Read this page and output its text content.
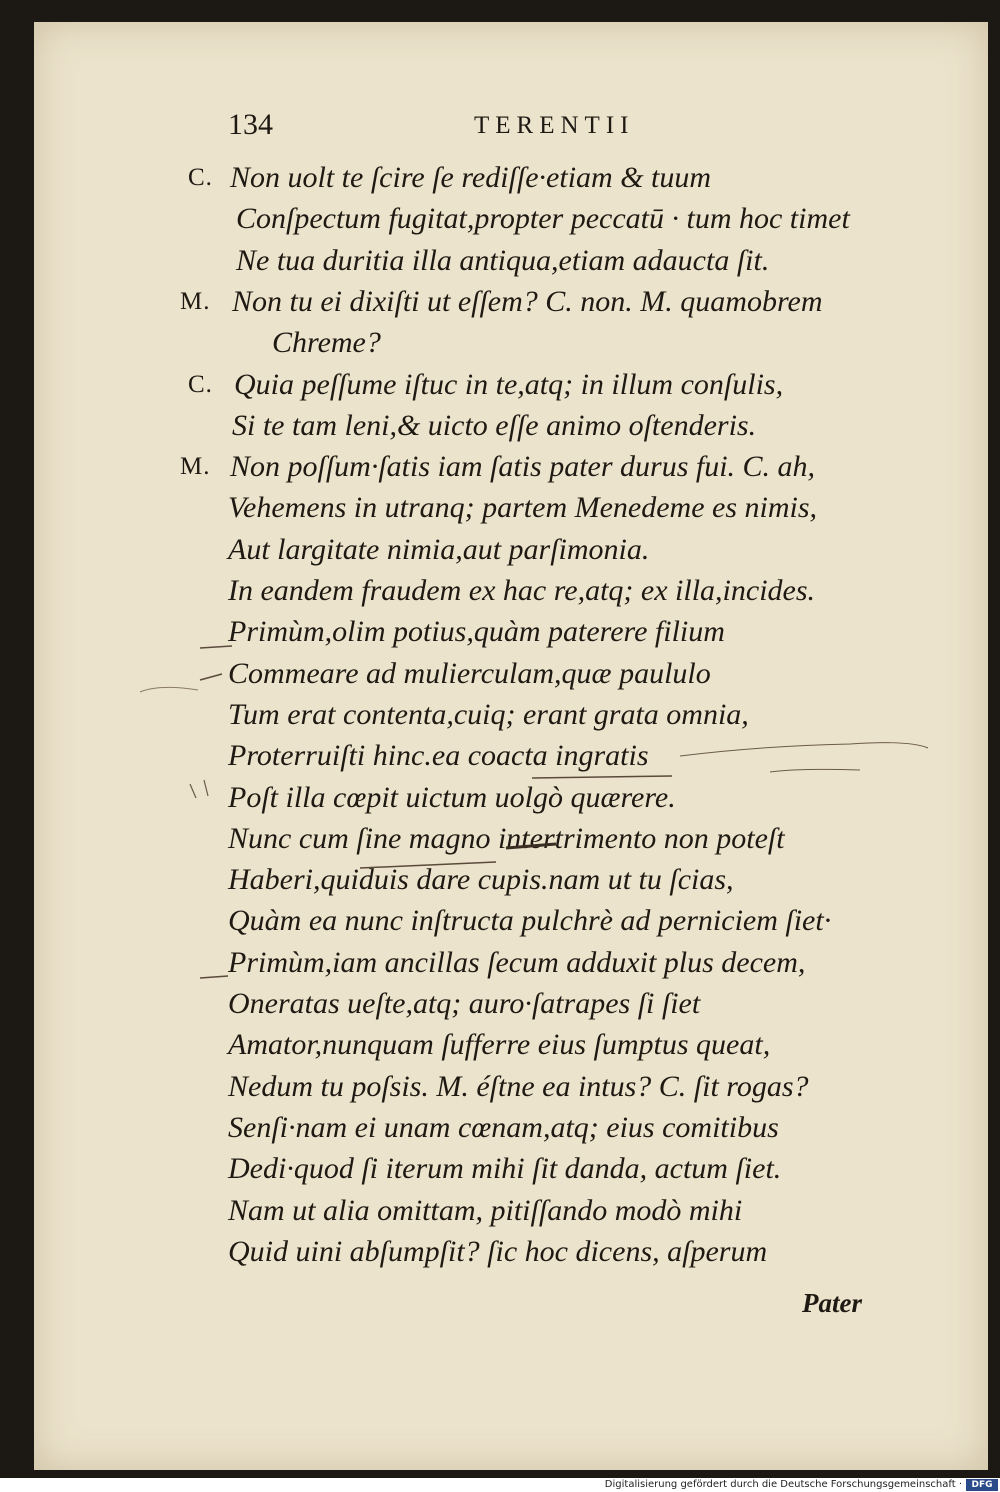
134	TERENTII
C. Non uolt te ſcire ſe rediſſe·etiam & tuum
Conſpectum fugitat,propter peccatū · tum hoc timet
Ne tua duritia illa antiqua,etiam adaucta ſit.
M. Non tu ei dixiſti ut eſſem? C. non. M. quamobrem
Chreme?
C. Quia peſſume iſtuc in te,atq; in illum conſulis,
Si te tam leni,& uicto eſſe animo oſtenderis.
M. Non poſſum·ſatis iam ſatis pater durus fui. C. ah,
Vehemens in utranq; partem Menedeme es nimis,
Aut largitate nimia,aut parſimonia.
In eandem fraudem ex hac re,atq; ex illa,incides.
Primùm,olim potius,quàm paterere filium
Commeare ad mulierculam,quæ paululo
Tum erat contenta,cuiq; erant grata omnia,
Proterruiſti hinc.ea coacta ingratis
Poſt illa cœpit uictum uolgò quærere.
Nunc cum ſine magno intertrimento non poteſt
Haberi,quiduis dare cupis.nam ut tu ſcias,
Quàm ea nunc inſtructa pulchrè ad perniciem ſiet·
Primùm,iam ancillas ſecum adduxit plus decem,
Oneratas ueſte,atq; auro·ſatrapes ſi ſiet
Amator,nunquam ſufferre eius ſumptus queat,
Nedum tu poſsis. M. éſtne ea intus? C. ſit rogas?
Senſi·nam ei unam cœnam,atq; eius comitibus
Dedi·quod ſi iterum mihi ſit danda, actum ſiet.
Nam ut alia omittam, pitiſſando modò mihi
Quid uini abſumpſit? ſic hoc dicens, aſperum
Pater
Digitalisierung gefördert durch die Deutsche Forschungsgemeinschaft ·	DFG
